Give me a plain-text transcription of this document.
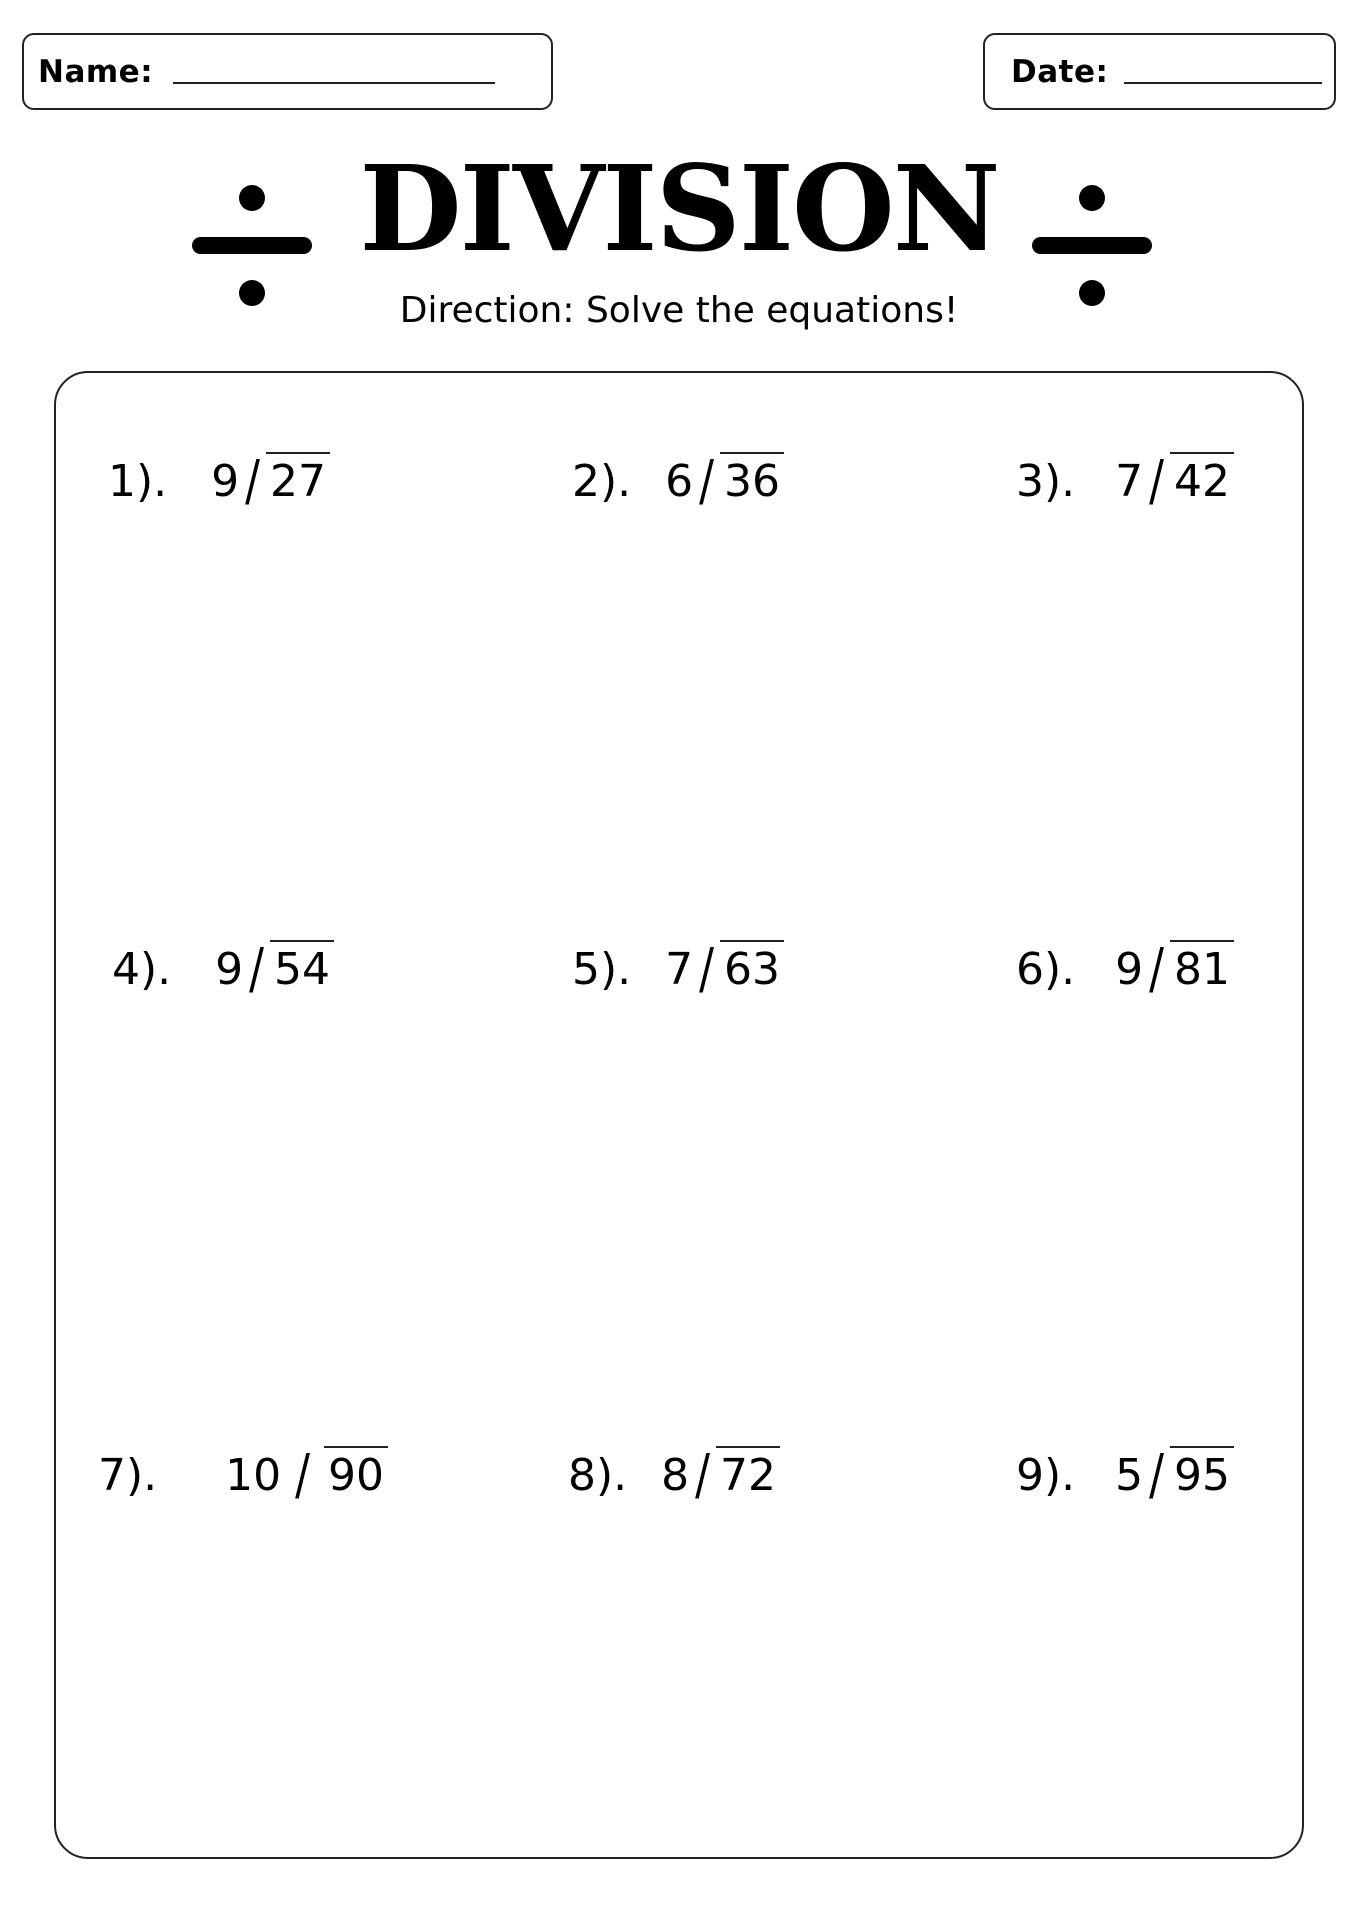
Name:	Date:
DIVISION
Direction: Solve the equations!
1). 9 / 27	2). 6 / 36	3). 7 / 42
4). 9 / 54	5). 7 / 63	6). 9 / 81
7). 10 / 90	8). 8 / 72	9). 5 / 95
